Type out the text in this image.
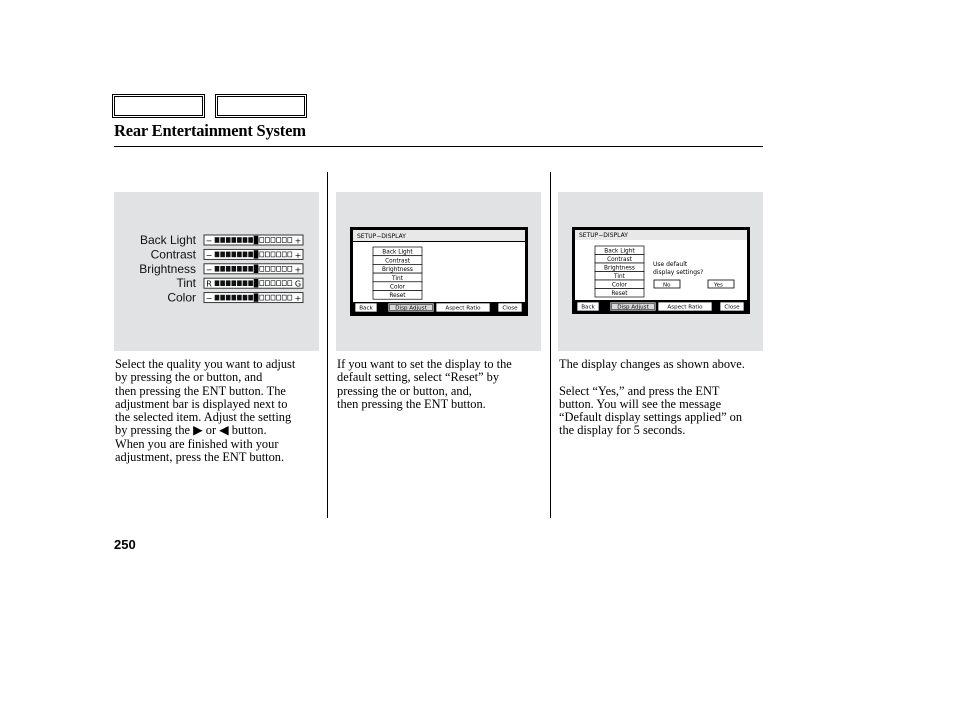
Rear Entertainment System
Back Light −	+
Contrast −	+
Brightness −	+
Tint R	G
Color −	+
SETUP−DISPLAY
Back Light
Contrast
Brightness
Tint
Color
Reset
Back	Disp Adjust	Aspect Ratio	Close
SETUP−DISPLAY
Back Light
Contrast
Brightness
Tint
Color
Reset
Use default
display settings?
No	Yes
Back	Disp Adjust	Aspect Ratio	Close

Select the quality you want to adjust

by pressing the or button, and

then pressing the ENT button. The

adjustment bar is displayed next to

the selected item. Adjust the setting

by pressing the ▶ or ◀ button.

When you are finished with your

adjustment, press the ENT button.

If you want to set the display to the

default setting, select “Reset” by

pressing the or button, and,

then pressing the ENT button.

The display changes as shown above.

Select “Yes,” and press the ENT

button. You will see the message

“Default display settings applied” on

the display for 5 seconds.

250
